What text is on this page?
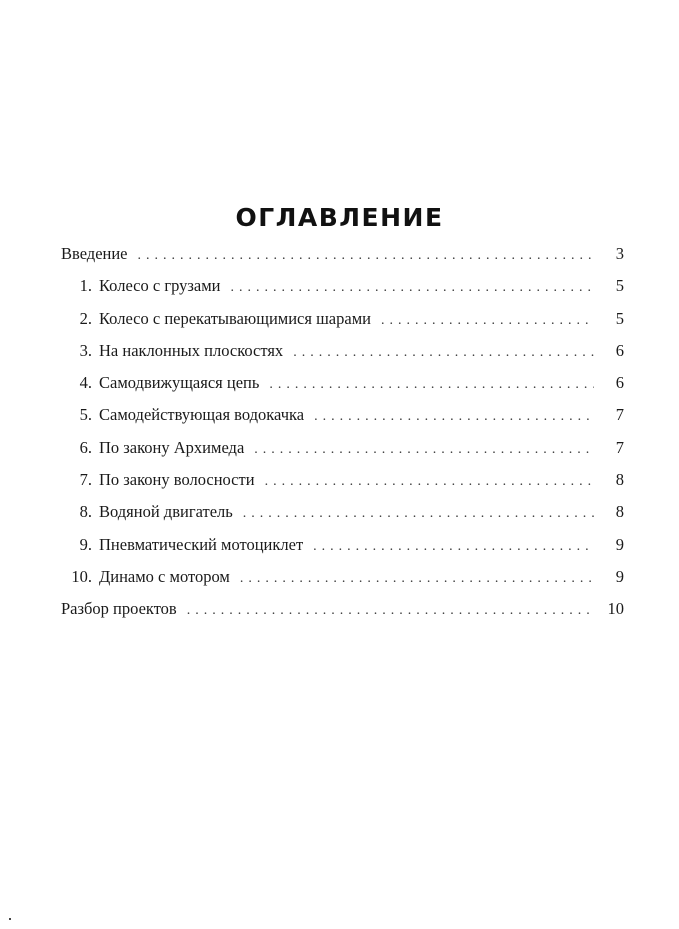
ОГЛАВЛЕНИЕ
Введение . . .	3
1. Колесо с грузами . . .	5
2. Колесо с перекатывающимися шарами . . .	5
3. На наклонных плоскостях . . .	6
4. Самодвижущаяся цепь . . .	6
5. Самодействующая водокачка . . .	7
6. По закону Архимеда . . .	7
7. По закону волосности . . .	8
8. Водяной двигатель . . .	8
9. Пневматический мотоциклет . . .	9
10. Динамо с мотором . . .	9
Разбор проектов . . .	10
